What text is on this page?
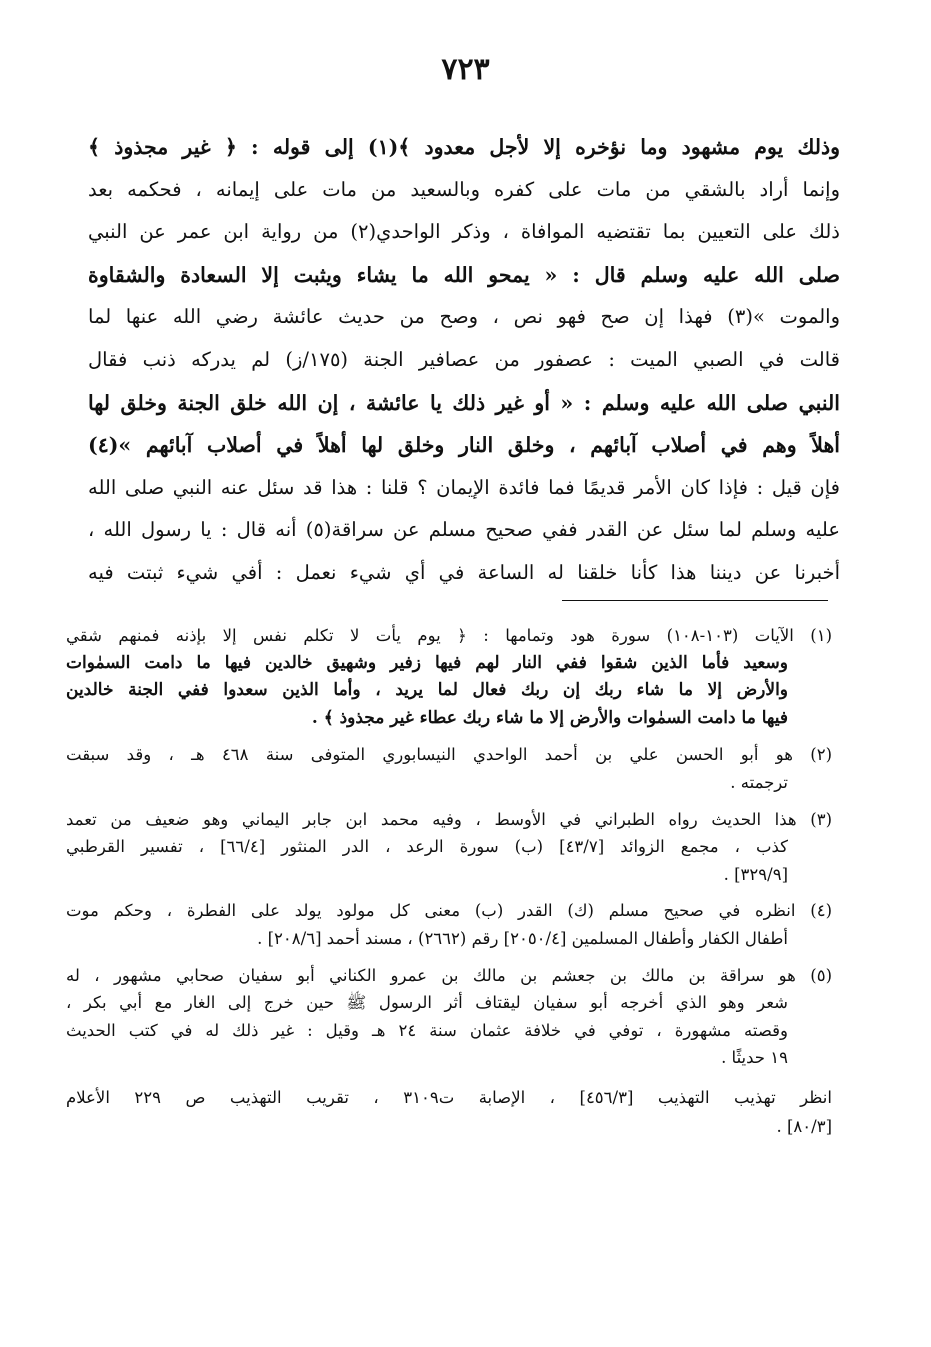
٧٢٣
وذلك يوم مشهود وما نؤخره إلا لأجل معدود ﴾(١) إلى قوله : ﴿ غير مجذوذ ﴾
وإنما أراد بالشقي من مات على كفره وبالسعيد من مات على إيمانه ، فحكمه بعد
ذلك على التعيين بما تقتضيه الموافاة ، وذكر الواحدي(٢) من رواية ابن عمر عن النبي
صلى الله عليه وسلم قال : « يمحو الله ما يشاء ويثبت إلا السعادة والشقاوة
والموت »(٣) فهذا إن صح فهو نص ، وصح من حديث عائشة رضي الله عنها لما
قالت في الصبي الميت : عصفور من عصافير الجنة (١٧٥/ز) لم يدركه ذنب فقال
النبي صلى الله عليه وسلم : « أو غير ذلك يا عائشة ، إن الله خلق الجنة وخلق لها
أهلاً وهم في أصلاب آبائهم ، وخلق النار وخلق لها أهلاً في أصلاب آبائهم »(٤)
فإن قيل : فإذا كان الأمر قديمًا فما فائدة الإيمان ؟ قلنا : هذا قد سئل عنه النبي صلى الله
عليه وسلم لما سئل عن القدر ففي صحيح مسلم عن سراقة(٥) أنه قال : يا رسول الله ،
أخبرنا عن ديننا هذا كأنا خلقنا له الساعة في أي شيء نعمل : أفي شيء ثبتت فيه
(١) الآيات (١٠٣-١٠٨) سورة هود وتمامها : ﴿ يوم يأت لا تكلم نفس إلا بإذنه فمنهم شقي
وسعيد فأما الذين شقوا ففي النار لهم فيها زفير وشهيق خالدين فيها ما دامت السمٰوات
والأرض إلا ما شاء ربك إن ربك فعال لما يريد ، وأما الذين سعدوا ففي الجنة خالدين
فيها ما دامت السمٰوات والأرض إلا ما شاء ربك عطاء غير مجذوذ ﴾ .
(٢) هو أبو الحسن علي بن أحمد الواحدي النيسابوري المتوفى سنة ٤٦٨ هـ ، وقد سبقت
ترجمته .
(٣) هذا الحديث رواه الطبراني في الأوسط ، وفيه محمد ابن جابر اليماني وهو ضعيف من تعمد
كذب ، مجمع الزوائد [٤٣/٧] (ب) سورة الرعد ، الدر المنثور [٦٦/٤] ، تفسير القرطبي
[٣٢٩/٩] .
(٤) انظره في صحيح مسلم (ك) القدر (ب) معنى كل مولود يولد على الفطرة ، وحكم موت
أطفال الكفار وأطفال المسلمين [٢٠٥٠/٤] رقم (٢٦٦٢) ، مسند أحمد [٢٠٨/٦] .
(٥) هو سراقة بن مالك بن جعشم بن مالك بن عمرو الكناني أبو سفيان صحابي مشهور ، له
شعر وهو الذي أخرجه أبو سفيان ليقتاف أثر الرسول ﷺ حين خرج إلى الغار مع أبي بكر ،
وقصته مشهورة ، توفي في خلافة عثمان سنة ٢٤ هـ وقيل : غير ذلك له في كتب الحديث
١٩ حديثًا .
انظر تهذيب التهذيب [٤٥٦/٣] ، الإصابة ت٣١٠٩ ، تقريب التهذيب ص ٢٢٩ الأعلام
[٨٠/٣] .
